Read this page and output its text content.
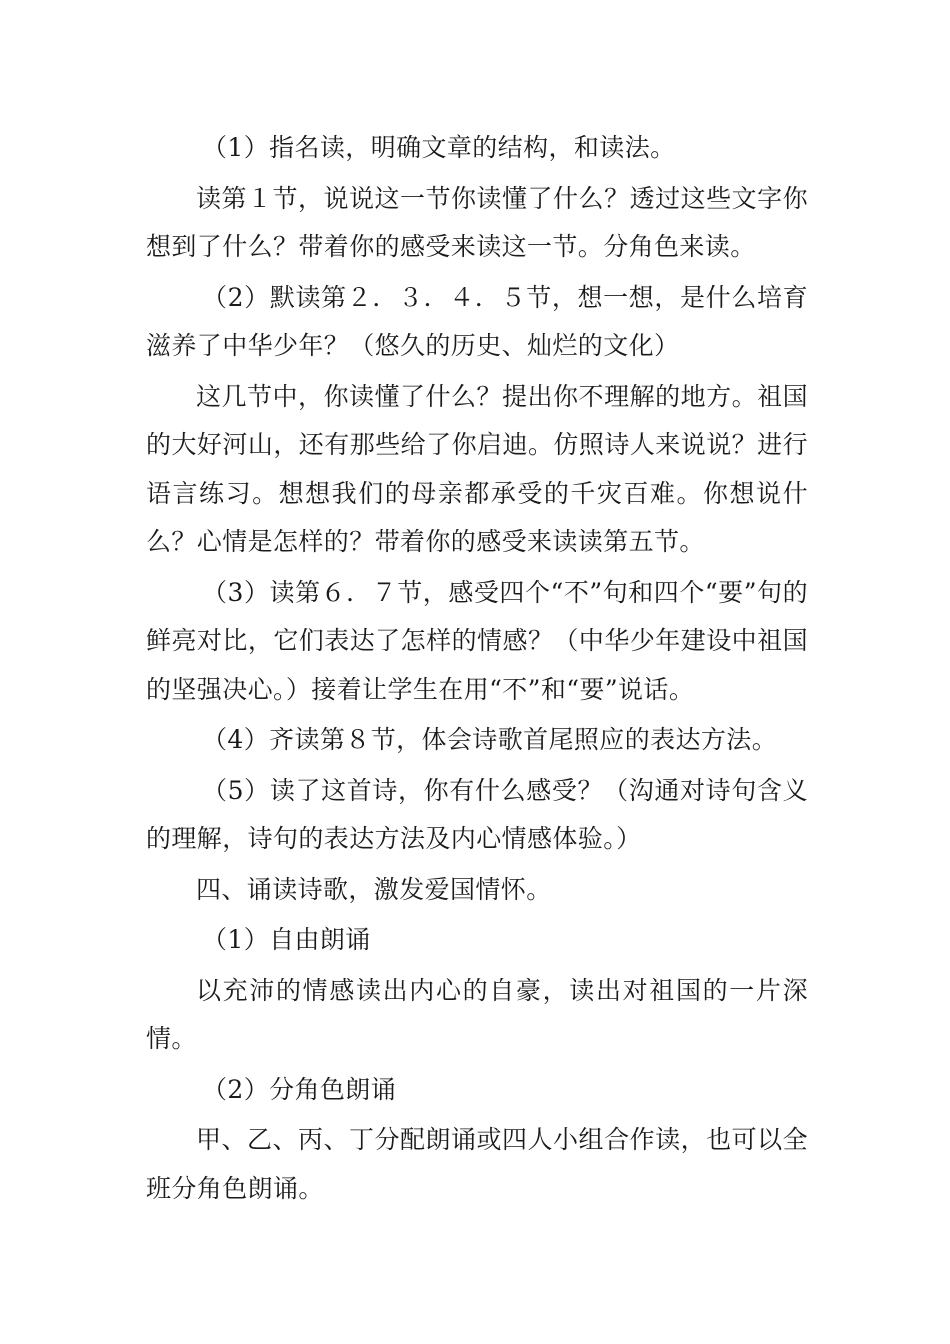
（1）指名读，明确文章的结构，和读法。

读第１节，说说这一节你读懂了什么？透过这些文字你想到了什么？带着你的感受来读这一节。分角色来读。

（2）默读第２．３．４．５节，想一想，是什么培育滋养了中华少年？（悠久的历史、灿烂的文化）

这几节中，你读懂了什么？提出你不理解的地方。祖国的大好河山，还有那些给了你启迪。仿照诗人来说说？进行语言练习。想想我们的母亲都承受的千灾百难。你想说什么？心情是怎样的？带着你的感受来读读第五节。

（3）读第６．７节，感受四个“不”句和四个“要”句的鲜亮对比，它们表达了怎样的情感？（中华少年建设中祖国的坚强决心。）接着让学生在用“不”和“要”说话。

（4）齐读第８节，体会诗歌首尾照应的表达方法。

（5）读了这首诗，你有什么感受？（沟通对诗句含义的理解，诗句的表达方法及内心情感体验。）

四、诵读诗歌，激发爱国情怀。

（1）自由朗诵

以充沛的情感读出内心的自豪，读出对祖国的一片深情。

（2）分角色朗诵

甲、乙、丙、丁分配朗诵或四人小组合作读，也可以全班分角色朗诵。
